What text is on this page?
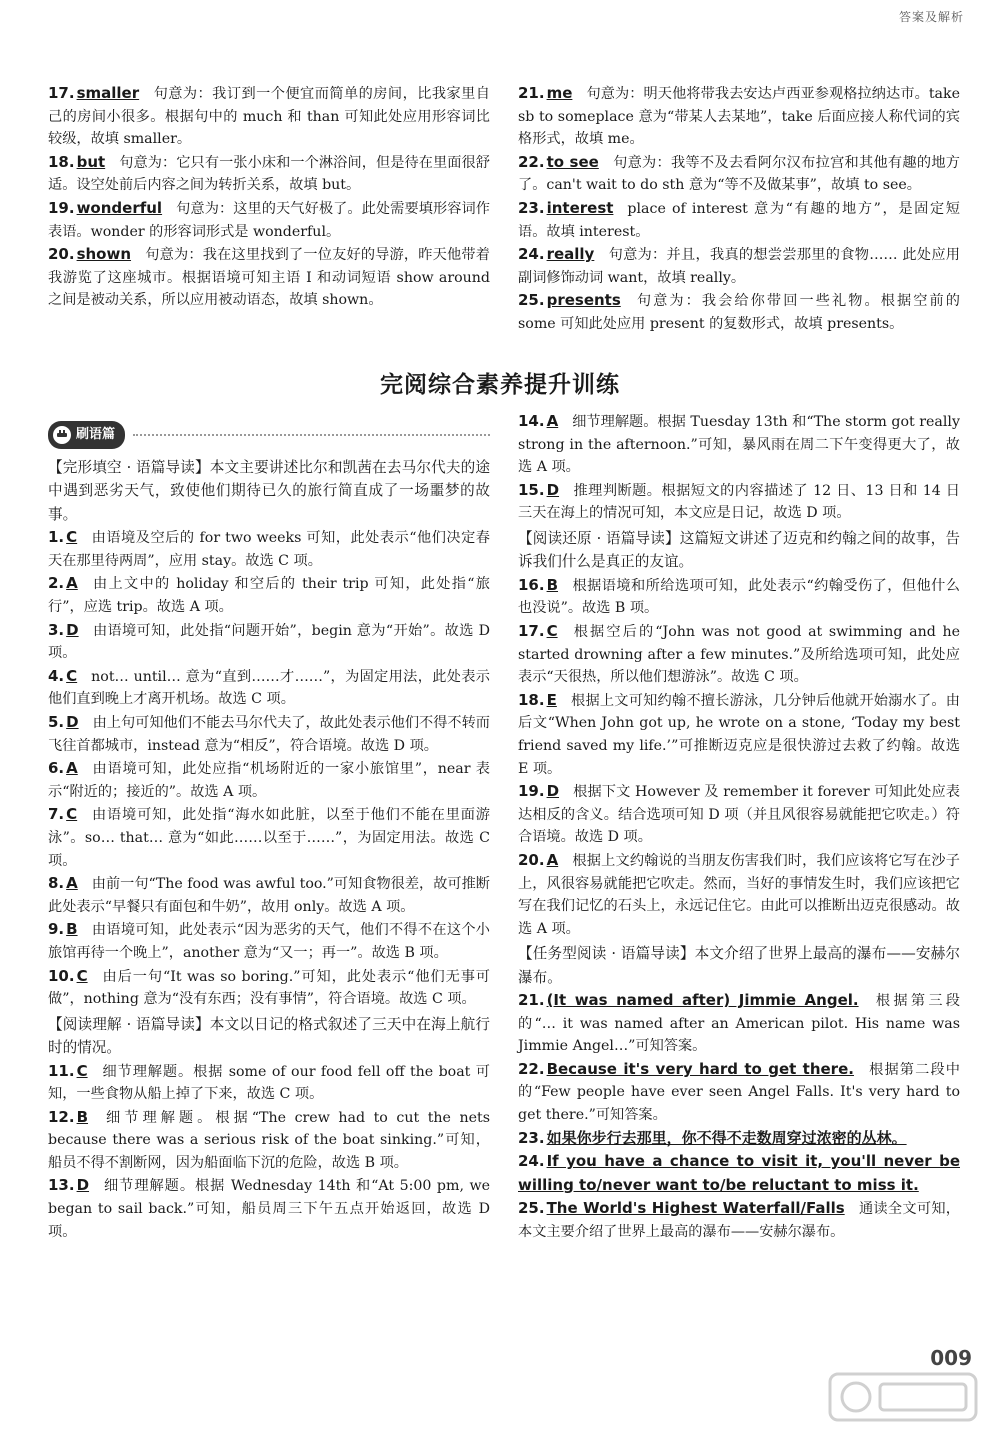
答案及解析

17. smaller 句意为：我订到一个便宜而简单的房间，比我家里自己的房间小很多。根据句中的 much 和 than 可知此处应用形容词比较级，故填 smaller。

18. but 句意为：它只有一张小床和一个淋浴间，但是待在里面很舒适。设空处前后内容之间为转折关系，故填 but。

19. wonderful 句意为：这里的天气好极了。此处需要填形容词作表语。wonder 的形容词形式是 wonderful。

20. shown 句意为：我在这里找到了一位友好的导游，昨天他带着我游览了这座城市。根据语境可知主语 I 和动词短语 show around 之间是被动关系，所以应用被动语态，故填 shown。

21. me 句意为：明天他将带我去安达卢西亚参观格拉纳达市。take sb to someplace 意为“带某人去某地”，take 后面应接人称代词的宾格形式，故填 me。

22. to see 句意为：我等不及去看阿尔汉布拉宫和其他有趣的地方了。can't wait to do sth 意为“等不及做某事”，故填 to see。

23. interest place of interest 意为“有趣的地方”，是固定短语。故填 interest。

24. really 句意为：并且，我真的想尝尝那里的食物…… 此处应用副词修饰动词 want，故填 really。

25. presents 句意为：我会给你带回一些礼物。根据空前的 some 可知此处应用 present 的复数形式，故填 presents。

完阅综合素养提升训练
刷语篇

【完形填空 · 语篇导读】本文主要讲述比尔和凯茜在去马尔代夫的途中遇到恶劣天气，致使他们期待已久的旅行简直成了一场噩梦的故事。

1. C 由语境及空后的 for two weeks 可知，此处表示“他们决定春天在那里待两周”，应用 stay。故选 C 项。

2. A 由上文中的 holiday 和空后的 their trip 可知，此处指“旅行”，应选 trip。故选 A 项。

3. D 由语境可知，此处指“问题开始”，begin 意为“开始”。故选 D 项。

4. C not… until… 意为“直到……才……”，为固定用法，此处表示他们直到晚上才离开机场。故选 C 项。

5. D 由上句可知他们不能去马尔代夫了，故此处表示他们不得不转而飞往首都城市，instead 意为“相反”，符合语境。故选 D 项。

6. A 由语境可知，此处应指“机场附近的一家小旅馆里”，near 表示“附近的；接近的”。故选 A 项。

7. C 由语境可知，此处指“海水如此脏，以至于他们不能在里面游泳”。so… that… 意为“如此……以至于……”，为固定用法。故选 C 项。

8. A 由前一句“The food was awful too.”可知食物很差，故可推断此处表示“早餐只有面包和牛奶”，故用 only。故选 A 项。

9. B 由语境可知，此处表示“因为恶劣的天气，他们不得不在这个小旅馆再待一个晚上”，another 意为“又一；再一”。故选 B 项。

10. C 由后一句“It was so boring.”可知，此处表示“他们无事可做”，nothing 意为“没有东西；没有事情”，符合语境。故选 C 项。

【阅读理解 · 语篇导读】本文以日记的格式叙述了三天中在海上航行时的情况。

11. C 细节理解题。根据 some of our food fell off the boat 可知，一些食物从船上掉了下来，故选 C 项。

12. B 细节理解题。根据“The crew had to cut the nets because there was a serious risk of the boat sinking.”可知，船员不得不割断网，因为船面临下沉的危险，故选 B 项。

13. D 细节理解题。根据 Wednesday 14th 和“At 5:00 pm, we began to sail back.”可知，船员周三下午五点开始返回，故选 D 项。

14. A 细节理解题。根据 Tuesday 13th 和“The storm got really strong in the afternoon.”可知，暴风雨在周二下午变得更大了，故选 A 项。

15. D 推理判断题。根据短文的内容描述了 12 日、13 日和 14 日三天在海上的情况可知，本文应是日记，故选 D 项。

【阅读还原 · 语篇导读】这篇短文讲述了迈克和约翰之间的故事，告诉我们什么是真正的友谊。

16. B 根据语境和所给选项可知，此处表示“约翰受伤了，但他什么也没说”。故选 B 项。

17. C 根据空后的“John was not good at swimming and he started drowning after a few minutes.”及所给选项可知，此处应表示“天很热，所以他们想游泳”。故选 C 项。

18. E 根据上文可知约翰不擅长游泳，几分钟后他就开始溺水了。由后文“When John got up, he wrote on a stone, ‘Today my best friend saved my life.’”可推断迈克应是很快游过去救了约翰。故选 E 项。

19. D 根据下文 However 及 remember it forever 可知此处应表达相反的含义。结合选项可知 D 项（并且风很容易就能把它吹走。）符合语境。故选 D 项。

20. A 根据上文约翰说的当朋友伤害我们时，我们应该将它写在沙子上，风很容易就能把它吹走。然而，当好的事情发生时，我们应该把它写在我们记忆的石头上，永远记住它。由此可以推断出迈克很感动。故选 A 项。

【任务型阅读 · 语篇导读】本文介绍了世界上最高的瀑布——安赫尔瀑布。

21. (It was named after) Jimmie Angel. 根据第三段的“… it was named after an American pilot. His name was Jimmie Angel…”可知答案。

22. Because it's very hard to get there. 根据第二段中的“Few people have ever seen Angel Falls. It's very hard to get there.”可知答案。

23. 如果你步行去那里，你不得不走数周穿过浓密的丛林。

24. If you have a chance to visit it, you'll never be willing to/never want to/be reluctant to miss it.

25. The World's Highest Waterfall/Falls 通读全文可知，本文主要介绍了世界上最高的瀑布——安赫尔瀑布。

009
